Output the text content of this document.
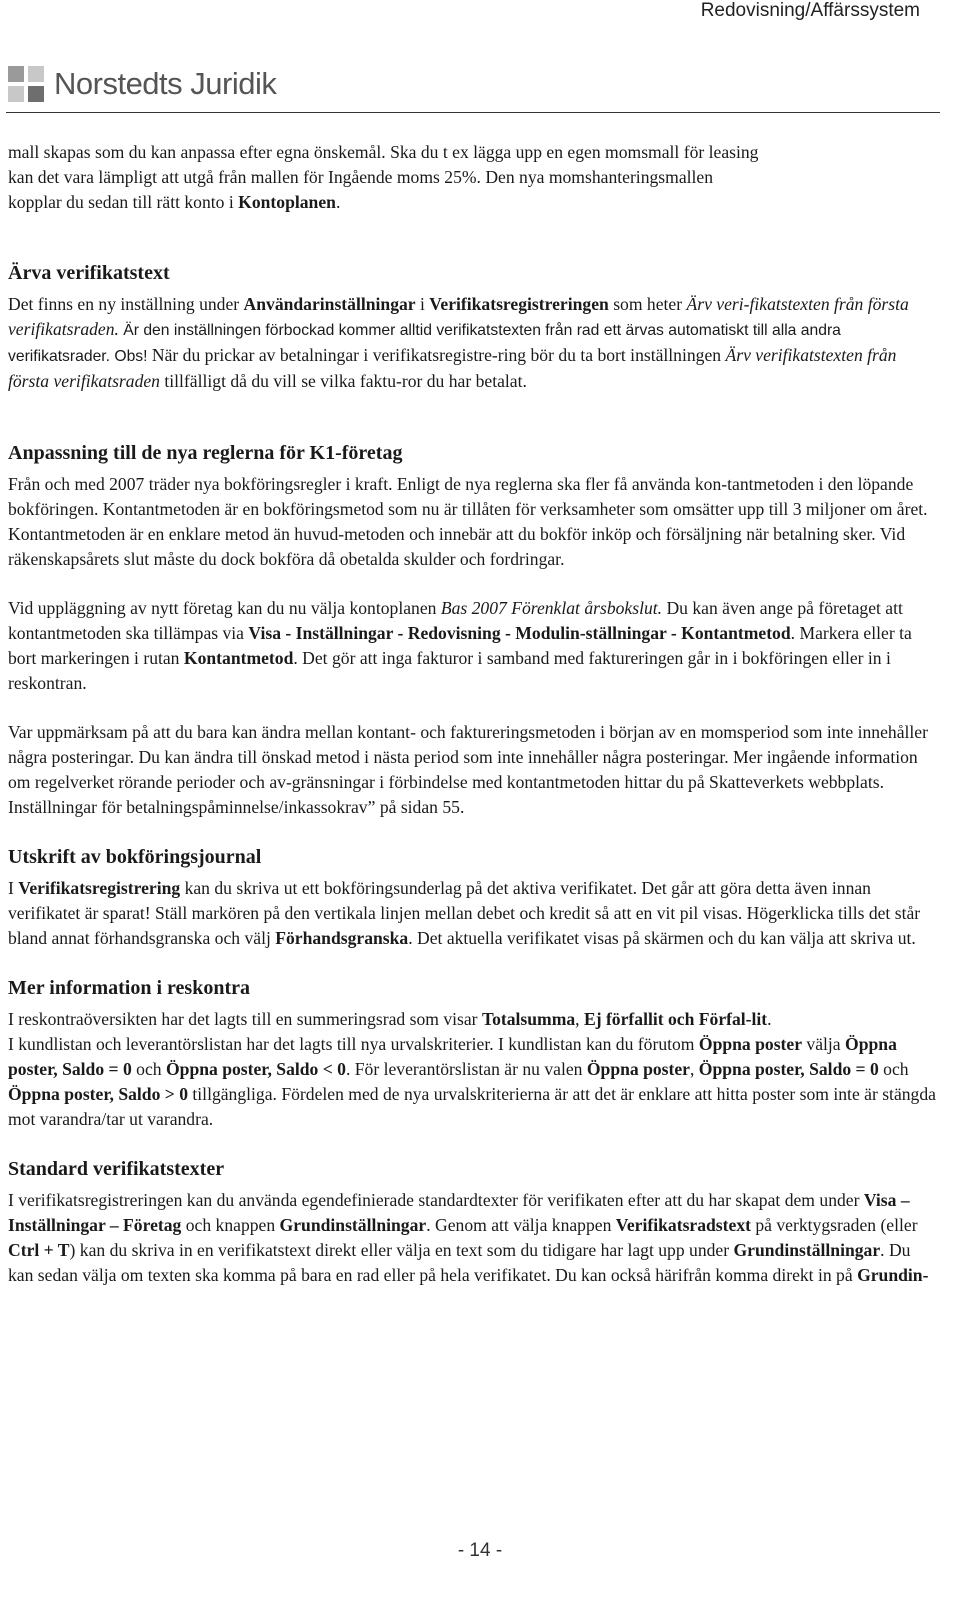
Redovisning/Affärssystem
Norstedts Juridik

mall skapas som du kan anpassa efter egna önskemål. Ska du t ex lägga upp en egen momsmall för leasing
kan det vara lämpligt att utgå från mallen för Ingående moms 25%. Den nya momshanteringsmallen
kopplar du sedan till rätt konto i Kontoplanen.

Ärva verifikatstext

Det finns en ny inställning under Användarinställningar i Verifikatsregistreringen som heter Ärv veri-fikatstexten från första verifikatsraden. Är den inställningen förbockad kommer alltid verifikatstexten från rad ett ärvas automatiskt till alla andra verifikatsrader. Obs! När du prickar av betalningar i verifikatsregistre-ring bör du ta bort inställningen Ärv verifikatstexten från första verifikatsraden tillfälligt då du vill se vilka faktu-ror du har betalat.

Anpassning till de nya reglerna för K1-företag

Från och med 2007 träder nya bokföringsregler i kraft. Enligt de nya reglerna ska fler få använda kon-tantmetoden i den löpande bokföringen. Kontantmetoden är en bokföringsmetod som nu är tillåten för verksamheter som omsätter upp till 3 miljoner om året. Kontantmetoden är en enklare metod än huvud-metoden och innebär att du bokför inköp och försäljning när betalning sker. Vid räkenskapsårets slut måste du dock bokföra då obetalda skulder och fordringar.

Vid uppläggning av nytt företag kan du nu välja kontoplanen Bas 2007 Förenklat årsbokslut. Du kan även ange på företaget att kontantmetoden ska tillämpas via Visa - Inställningar - Redovisning - Modulin-ställningar - Kontantmetod. Markera eller ta bort markeringen i rutan Kontantmetod. Det gör att inga fakturor i samband med faktureringen går in i bokföringen eller in i reskontran.

Var uppmärksam på att du bara kan ändra mellan kontant- och faktureringsmetoden i början av en momsperiod som inte innehåller några posteringar. Du kan ändra till önskad metod i nästa period som inte innehåller några posteringar. Mer ingående information om regelverket rörande perioder och av-gränsningar i förbindelse med kontantmetoden hittar du på Skatteverkets webbplats.
Inställningar för betalningspåminnelse/inkassokrav” på sidan 55.

Utskrift av bokföringsjournal

I Verifikatsregistrering kan du skriva ut ett bokföringsunderlag på det aktiva verifikatet. Det går att göra detta även innan verifikatet är sparat! Ställ markören på den vertikala linjen mellan debet och kredit så att en vit pil visas. Högerklicka tills det står bland annat förhandsgranska och välj Förhandsgranska. Det aktuella verifikatet visas på skärmen och du kan välja att skriva ut.

Mer information i reskontra

I reskontraöversikten har det lagts till en summeringsrad som visar Totalsumma, Ej förfallit och Förfal-lit.

I kundlistan och leverantörslistan har det lagts till nya urvalskriterier. I kundlistan kan du förutom Öppna poster välja Öppna poster, Saldo = 0 och Öppna poster, Saldo < 0. För leverantörslistan är nu valen Öppna poster, Öppna poster, Saldo = 0 och Öppna poster, Saldo > 0 tillgängliga. Fördelen med de nya urvalskriterierna är att det är enklare att hitta poster som inte är stängda mot varandra/tar ut varandra.

Standard verifikatstexter

I verifikatsregistreringen kan du använda egendefinierade standardtexter för verifikaten efter att du har skapat dem under Visa – Inställningar – Företag och knappen Grundinställningar. Genom att välja knappen Verifikatsradstext på verktygsraden (eller Ctrl + T) kan du skriva in en verifikatstext direkt eller välja en text som du tidigare har lagt upp under Grundinställningar. Du kan sedan välja om texten ska komma på bara en rad eller på hela verifikatet. Du kan också härifrån komma direkt in på Grundin-

- 14 -
